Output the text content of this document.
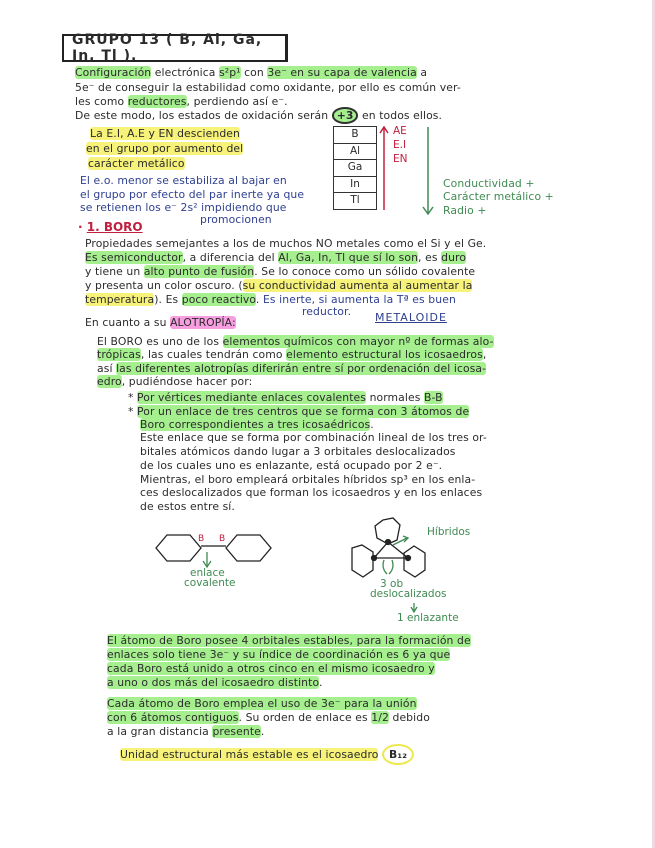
GRUPO 13 ( B, Al, Ga, In, Tl ).
Configuración electrónica s²p¹ con 3e⁻ en su capa de valencia a
5e⁻ de conseguir la estabilidad como oxidante, por ello es común ver-
les como reductores, perdiendo así e⁻.
De este modo, los estados de oxidación serán +3 en todos ellos.
La E.I, A.E y EN descienden
en el grupo por aumento del
carácter metálico
El e.o. menor se estabiliza al bajar en
el grupo por efecto del par inerte ya que
se retienen los e⁻ 2s² impidiendo que
promocionen
Conductividad +
Carácter metálico +
Radio +
Propiedades semejantes a los de muchos NO metales como el Si y el Ge.
Es semiconductor, a diferencia del Al, Ga, In, Tl que sí lo son, es duro
y tiene un alto punto de fusión. Se lo conoce como un sólido covalente
y presenta un color oscuro. (su conductividad aumenta al aumentar la
temperatura). Es poco reactivo. Es inerte, si aumenta la Tª es buen
reductor.
En cuanto a su ALOTROPÍA:
El BORO es uno de los elementos químicos con mayor nº de formas alo-
trópicas, las cuales tendrán como elemento estructural los icosaedros,
así las diferentes alotropías diferirán entre sí por ordenación del icosa-
edro, pudiéndose hacer por:
* Por vértices mediante enlaces covalentes normales B-B
* Por un enlace de tres centros que se forma con 3 átomos de
Boro correspondientes a tres icosaédricos.
Este enlace que se forma por combinación lineal de los tres or-
bitales atómicos dando lugar a 3 orbitales deslocalizados
de los cuales uno es enlazante, está ocupado por 2 e⁻.
Mientras, el boro empleará orbitales híbridos sp³ en los enla-
ces deslocalizados que forman los icosaedros y en los enlaces
de estos entre sí.
El átomo de Boro posee 4 orbitales estables, para la formación de
enlaces solo tiene 3e⁻ y su índice de coordinación es 6 ya que
cada Boro está unido a otros cinco en el mismo icosaedro y
a uno o dos más del icosaedro distinto.
Cada átomo de Boro emplea el uso de 3e⁻ para la unión
con 6 átomos contiguos. Su orden de enlace es 1/2 debido
a la gran distancia presente.
Unidad estructural más estable es el icosaedro B₁₂
· 1. BORO
METALOIDE
B
Al
Ga
In
Tl
AE
E.I
EN
B B
enlace
covalente
Híbridos
3 ob
deslocalizados
1 enlazante
